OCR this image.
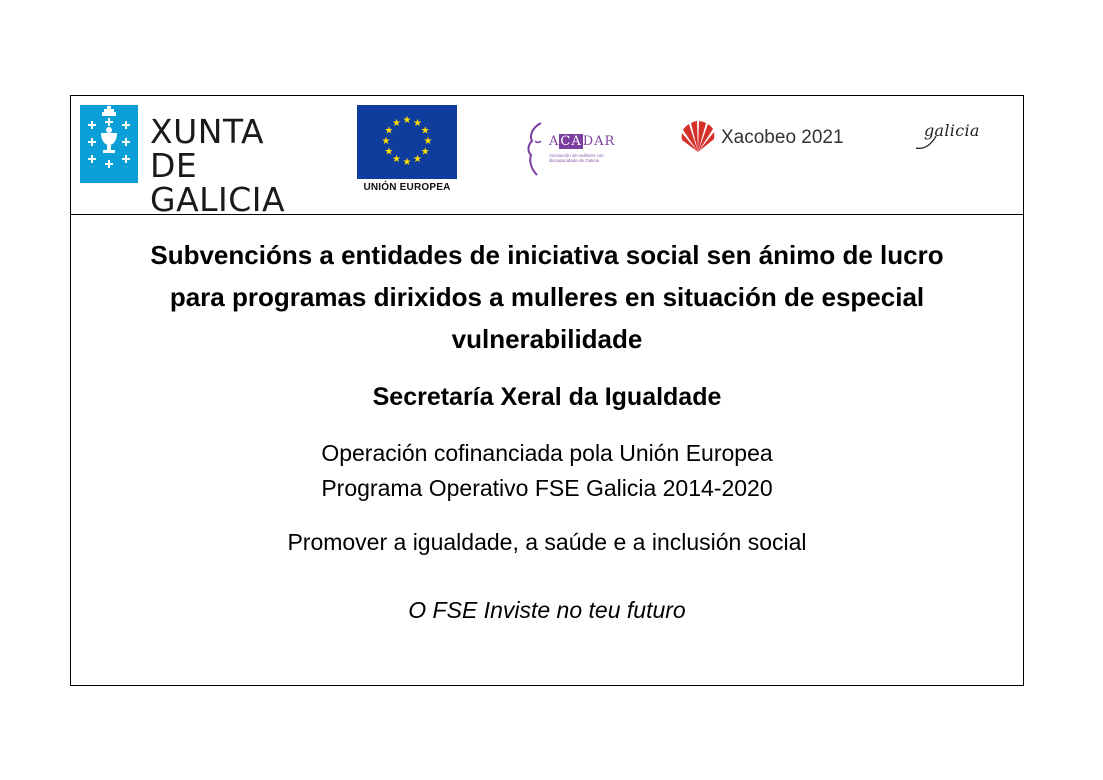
XUNTA
DE GALICIA
★ ★
★
★
★
★
★
★
★
★
★
★
UNIÓN EUROPEA
ACADAR
Asociación de mulleres con discapacidade de Galicia
Xacobeo 2021	galicia
Subvencións a entidades de iniciativa social sen ánimo de lucro
para programas dirixidos a mulleres en situación de especial
vulnerabilidade
Secretaría Xeral da Igualdade
Operación cofinanciada pola Unión Europea
Programa Operativo FSE Galicia 2014-2020
Promover a igualdade, a saúde e a inclusión social
O FSE Inviste no teu futuro
